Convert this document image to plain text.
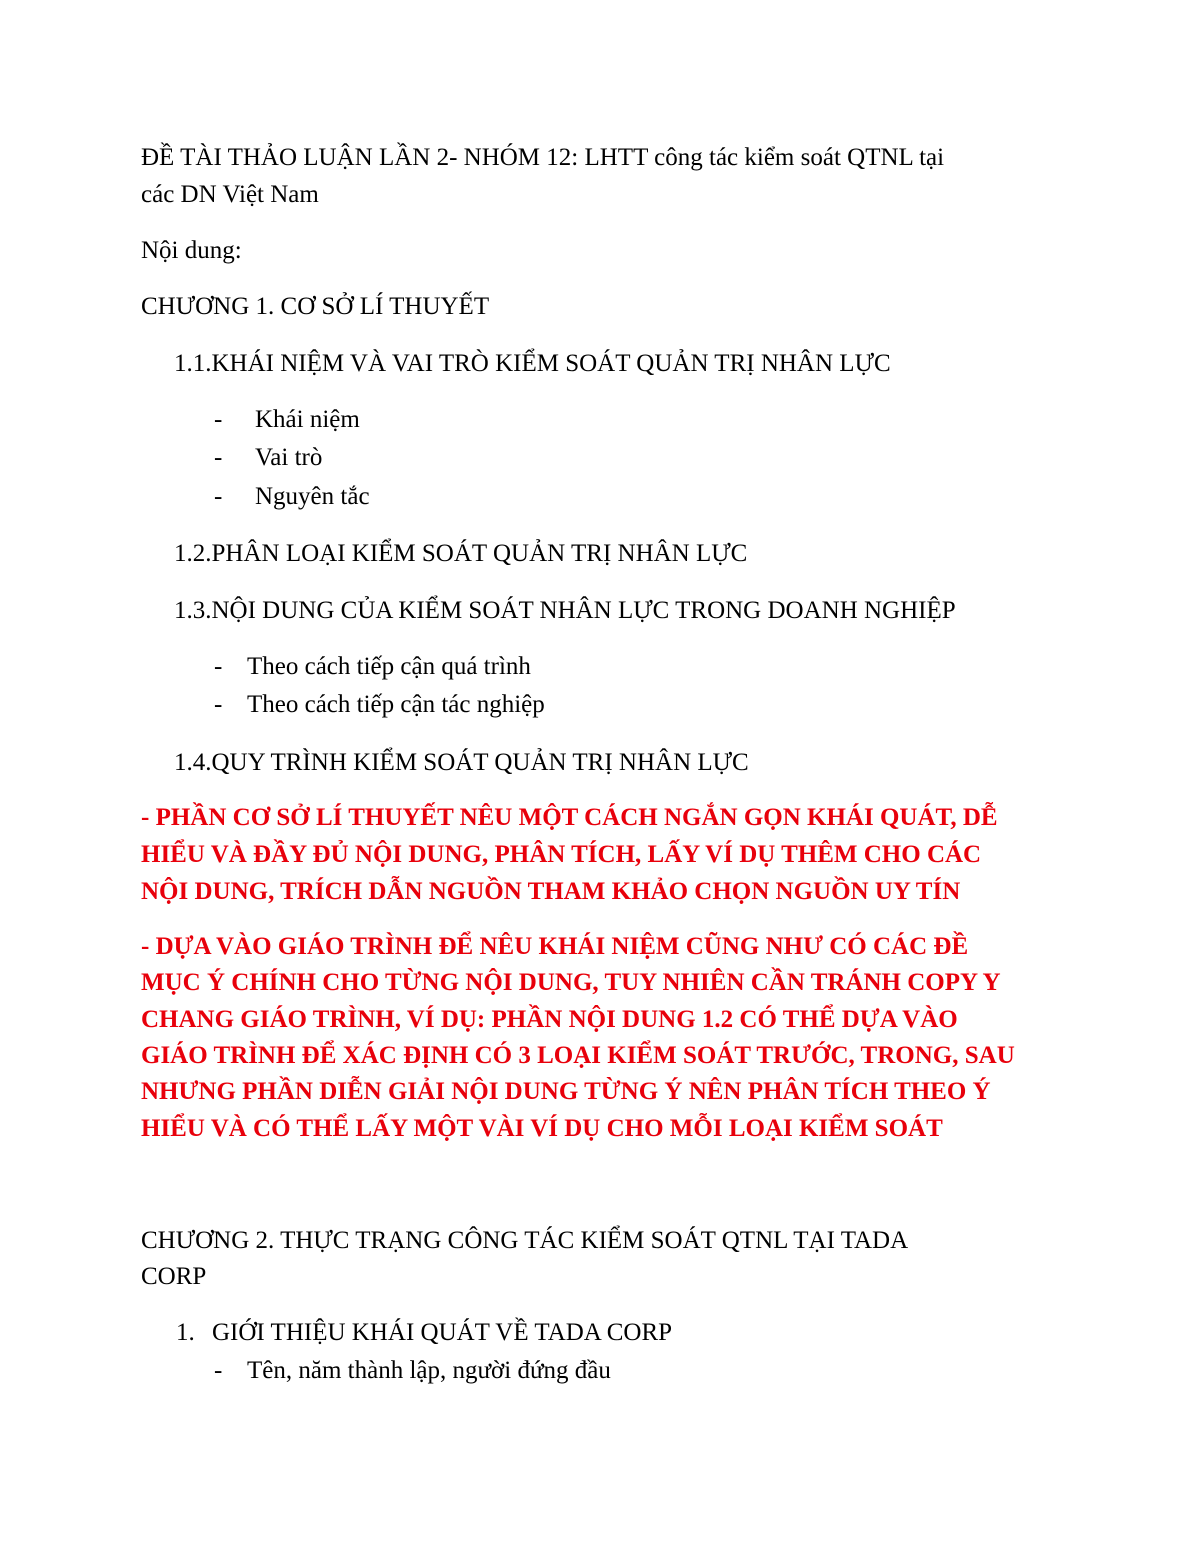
ĐỀ TÀI THẢO LUẬN LẦN 2- NHÓM 12: LHTT công tác kiểm soát QTNL tại
các DN Việt Nam
Nội dung:
CHƯƠNG 1. CƠ SỞ LÍ THUYẾT
1.1.KHÁI NIỆM VÀ VAI TRÒ KIỂM SOÁT QUẢN TRỊ NHÂN LỰC
- Khái niệm
- Vai trò
- Nguyên tắc
1.2.PHÂN LOẠI KIỂM SOÁT QUẢN TRỊ NHÂN LỰC
1.3.NỘI DUNG CỦA KIỂM SOÁT NHÂN LỰC TRONG DOANH NGHIỆP
- Theo cách tiếp cận quá trình
- Theo cách tiếp cận tác nghiệp
1.4.QUY TRÌNH KIỂM SOÁT QUẢN TRỊ NHÂN LỰC
- PHẦN CƠ SỞ LÍ THUYẾT NÊU MỘT CÁCH NGẮN GỌN KHÁI QUÁT, DỄ
HIỂU VÀ ĐẦY ĐỦ NỘI DUNG, PHÂN TÍCH, LẤY VÍ DỤ THÊM CHO CÁC
NỘI DUNG, TRÍCH DẪN NGUỒN THAM KHẢO CHỌN NGUỒN UY TÍN
- DỰA VÀO GIÁO TRÌNH ĐỂ NÊU KHÁI NIỆM CŨNG NHƯ CÓ CÁC ĐỀ
MỤC Ý CHÍNH CHO TỪNG NỘI DUNG, TUY NHIÊN CẦN TRÁNH COPY Y
CHANG GIÁO TRÌNH, VÍ DỤ: PHẦN NỘI DUNG 1.2 CÓ THỂ DỰA VÀO
GIÁO TRÌNH ĐỂ XÁC ĐỊNH CÓ 3 LOẠI KIỂM SOÁT TRƯỚC, TRONG, SAU
NHƯNG PHẦN DIỄN GIẢI NỘI DUNG TỪNG Ý NÊN PHÂN TÍCH THEO Ý
HIỂU VÀ CÓ THỂ LẤY MỘT VÀI VÍ DỤ CHO MỖI LOẠI KIỂM SOÁT
CHƯƠNG 2. THỰC TRẠNG CÔNG TÁC KIỂM SOÁT QTNL TẠI TADA
CORP
1. GIỚI THIỆU KHÁI QUÁT VỀ TADA CORP
- Tên, năm thành lập, người đứng đầu
